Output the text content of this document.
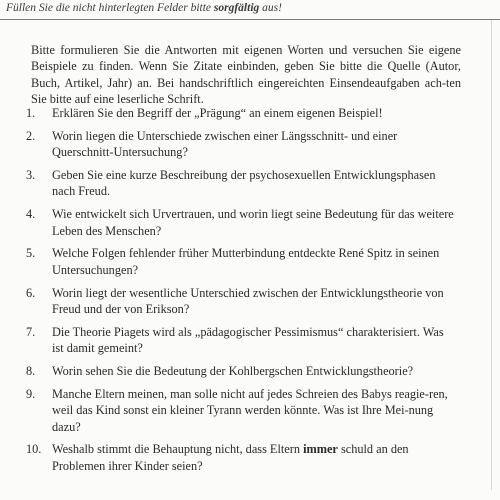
Füllen Sie die nicht hinterlegten Felder bitte sorgfältig aus!
Bitte formulieren Sie die Antworten mit eigenen Worten und versuchen Sie eigene Beispiele zu finden. Wenn Sie Zitate einbinden, geben Sie bitte die Quelle (Autor, Buch, Artikel, Jahr) an. Bei handschriftlich eingereichten Einsendeaufgaben ach-ten Sie bitte auf eine leserliche Schrift.
1.	Erklären Sie den Begriff der „Prägung“ an einem eigenen Beispiel!
2.	Worin liegen die Unterschiede zwischen einer Längsschnitt- und einer Querschnitt-Untersuchung?
3.	Geben Sie eine kurze Beschreibung der psychosexuellen Entwicklungsphasen nach Freud.
4.	Wie entwickelt sich Urvertrauen, und worin liegt seine Bedeutung für das weitere Leben des Menschen?
5.	Welche Folgen fehlender früher Mutterbindung entdeckte René Spitz in seinen Untersuchungen?
6.	Worin liegt der wesentliche Unterschied zwischen der Entwicklungstheorie von Freud und der von Erikson?
7.	Die Theorie Piagets wird als „pädagogischer Pessimismus“ charakterisiert. Was ist damit gemeint?
8.	Worin sehen Sie die Bedeutung der Kohlbergschen Entwicklungstheorie?
9.	Manche Eltern meinen, man solle nicht auf jedes Schreien des Babys reagie-ren, weil das Kind sonst ein kleiner Tyrann werden könnte. Was ist Ihre Mei-nung dazu?
10. Weshalb stimmt die Behauptung nicht, dass Eltern immer schuld an den Problemen ihrer Kinder seien?
